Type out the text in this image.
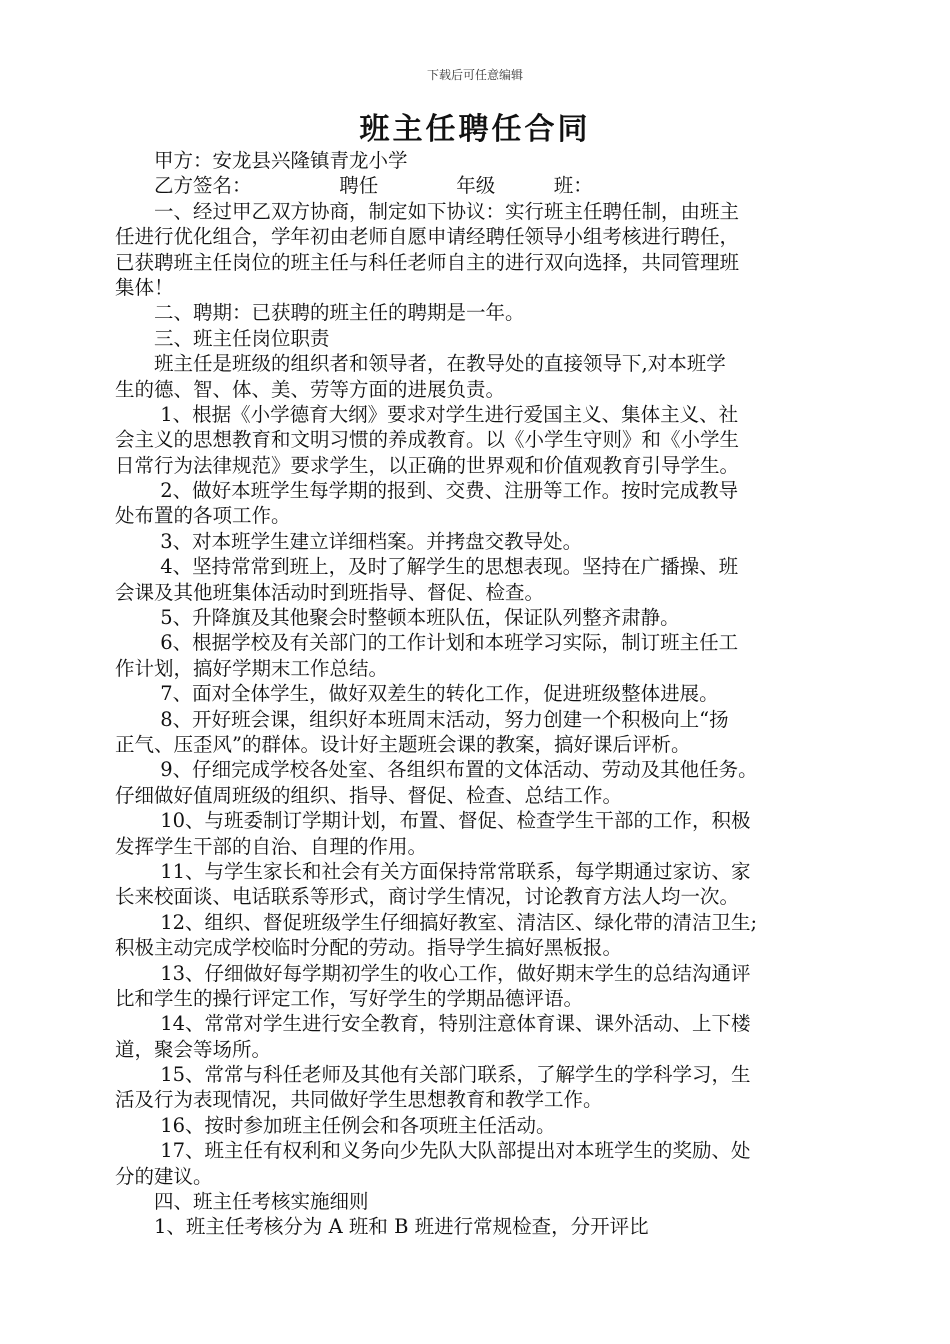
下载后可任意编辑
班主任聘任合同
　　甲方：安龙县兴隆镇青龙小学
　　乙方签名：　　　　　聘任　　　　年级　　　班：
　　一、经过甲乙双方协商，制定如下协议：实行班主任聘任制，由班主
任进行优化组合，学年初由老师自愿申请经聘任领导小组考核进行聘任，
已获聘班主任岗位的班主任与科任老师自主的进行双向选择，共同管理班
集体！
　　二、聘期：已获聘的班主任的聘期是一年。
　　三、班主任岗位职责
　　班主任是班级的组织者和领导者，在教导处的直接领导下,对本班学
生的德、智、体、美、劳等方面的进展负责。
　　 1、根据《小学德育大纲》要求对学生进行爱国主义、集体主义、社
会主义的思想教育和文明习惯的养成教育。以《小学生守则》和《小学生
日常行为法律规范》要求学生，以正确的世界观和价值观教育引导学生。
　　 2、做好本班学生每学期的报到、交费、注册等工作。按时完成教导
处布置的各项工作。
　　 3、对本班学生建立详细档案。并拷盘交教导处。
　　 4、坚持常常到班上，及时了解学生的思想表现。坚持在广播操、班
会课及其他班集体活动时到班指导、督促、检查。
　　 5、升降旗及其他聚会时整顿本班队伍，保证队列整齐肃静。
　　 6、根据学校及有关部门的工作计划和本班学习实际，制订班主任工
作计划，搞好学期末工作总结。
　　 7、面对全体学生，做好双差生的转化工作，促进班级整体进展。
　　 8、开好班会课，组织好本班周末活动，努力创建一个积极向上“扬
正气、压歪风”的群体。设计好主题班会课的教案，搞好课后评析。
　　 9、仔细完成学校各处室、各组织布置的文体活动、劳动及其他任务。
仔细做好值周班级的组织、指导、督促、检查、总结工作。
　　 10、与班委制订学期计划，布置、督促、检查学生干部的工作，积极
发挥学生干部的自治、自理的作用。
　　 11、与学生家长和社会有关方面保持常常联系，每学期通过家访、家
长来校面谈、电话联系等形式，商讨学生情况，讨论教育方法人均一次。
　　 12、组织、督促班级学生仔细搞好教室、清洁区、绿化带的清洁卫生;
积极主动完成学校临时分配的劳动。指导学生搞好黑板报。
　　 13、仔细做好每学期初学生的收心工作，做好期末学生的总结沟通评
比和学生的操行评定工作，写好学生的学期品德评语。
　　 14、常常对学生进行安全教育，特别注意体育课、课外活动、上下楼
道，聚会等场所。
　　 15、常常与科任老师及其他有关部门联系，了解学生的学科学习，生
活及行为表现情况，共同做好学生思想教育和教学工作。
　　 16、按时参加班主任例会和各项班主任活动。
　　 17、班主任有权利和义务向少先队大队部提出对本班学生的奖励、处
分的建议。
　　四、班主任考核实施细则
　　1、班主任考核分为 A 班和 B 班进行常规检查，分开评比
